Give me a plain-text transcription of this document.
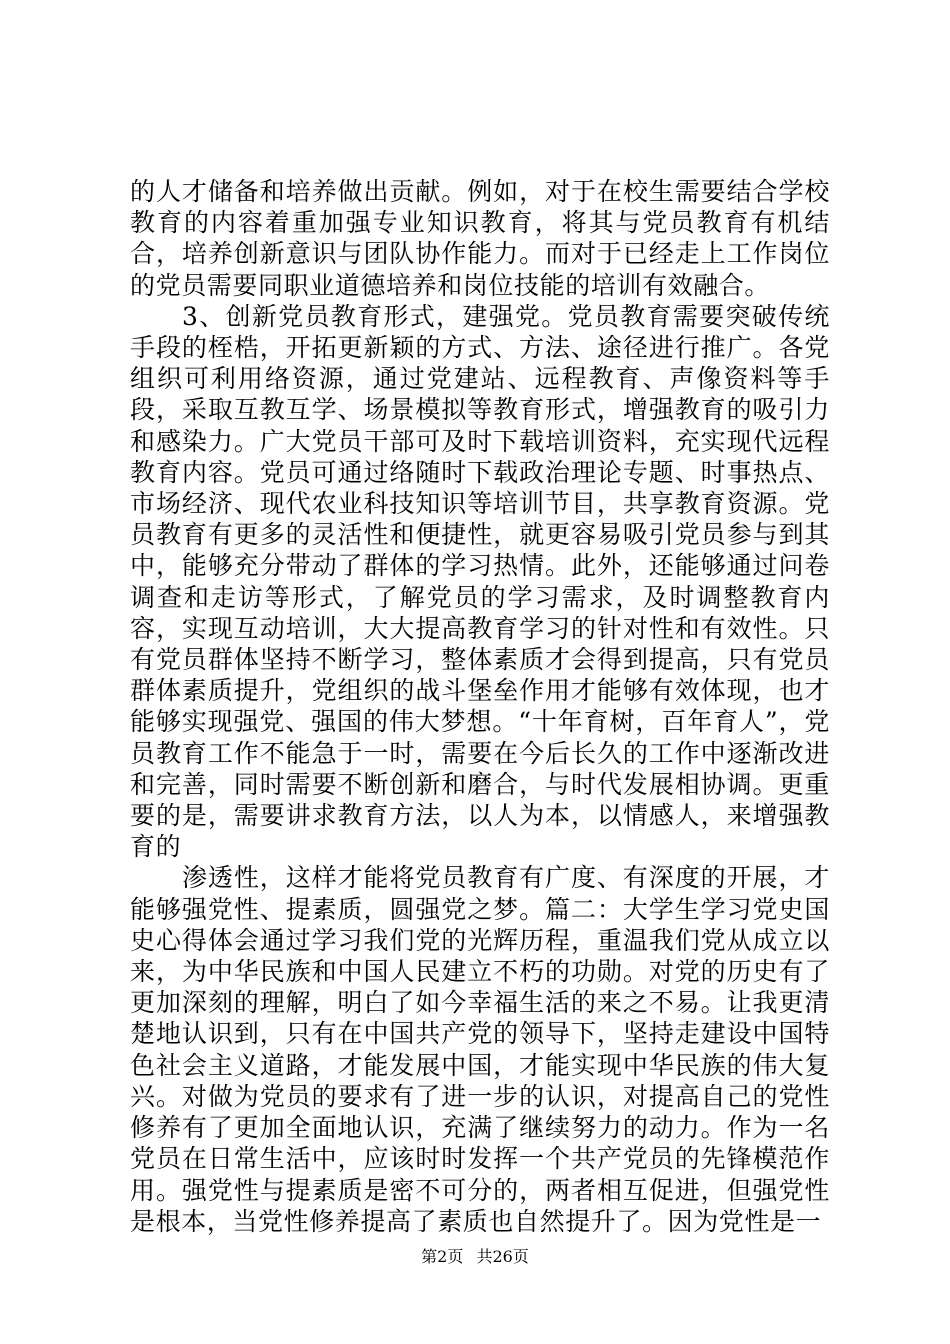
的人才储备和培养做出贡献。例如，对于在校生需要结合学校教育的内容着重加强专业知识教育，将其与党员教育有机结合，培养创新意识与团队协作能力。而对于已经走上工作岗位的党员需要同职业道德培养和岗位技能的培训有效融合。

3、创新党员教育形式，建强党。党员教育需要突破传统手段的桎梏，开拓更新颖的方式、方法、途径进行推广。各党组织可利用络资源，通过党建站、远程教育、声像资料等手段，采取互教互学、场景模拟等教育形式，增强教育的吸引力和感染力。广大党员干部可及时下载培训资料，充实现代远程教育内容。党员可通过络随时下载政治理论专题、时事热点、市场经济、现代农业科技知识等培训节目，共享教育资源。党员教育有更多的灵活性和便捷性，就更容易吸引党员参与到其中，能够充分带动了群体的学习热情。此外，还能够通过问卷调查和走访等形式，了解党员的学习需求，及时调整教育内容，实现互动培训，大大提高教育学习的针对性和有效性。只有党员群体坚持不断学习，整体素质才会得到提高，只有党员群体素质提升，党组织的战斗堡垒作用才能够有效体现，也才能够实现强党、强国的伟大梦想。“十年育树，百年育人”，党员教育工作不能急于一时，需要在今后长久的工作中逐渐改进和完善，同时需要不断创新和磨合，与时代发展相协调。更重要的是，需要讲求教育方法，以人为本，以情感人，来增强教育的

渗透性，这样才能将党员教育有广度、有深度的开展，才能够强党性、提素质，圆强党之梦。篇二：大学生学习党史国史心得体会通过学习我们党的光辉历程，重温我们党从成立以来，为中华民族和中国人民建立不朽的功勋。对党的历史有了更加深刻的理解，明白了如今幸福生活的来之不易。让我更清楚地认识到，只有在中国共产党的领导下，坚持走建设中国特色社会主义道路，才能发展中国，才能实现中华民族的伟大复兴。对做为党员的要求有了进一步的认识，对提高自己的党性修养有了更加全面地认识，充满了继续努力的动力。作为一名党员在日常生活中，应该时时发挥一个共产党员的先锋模范作用。强党性与提素质是密不可分的，两者相互促进，但强党性是根本，当党性修养提高了素质也自然提升了。因为党性是一

第2页 共26页
